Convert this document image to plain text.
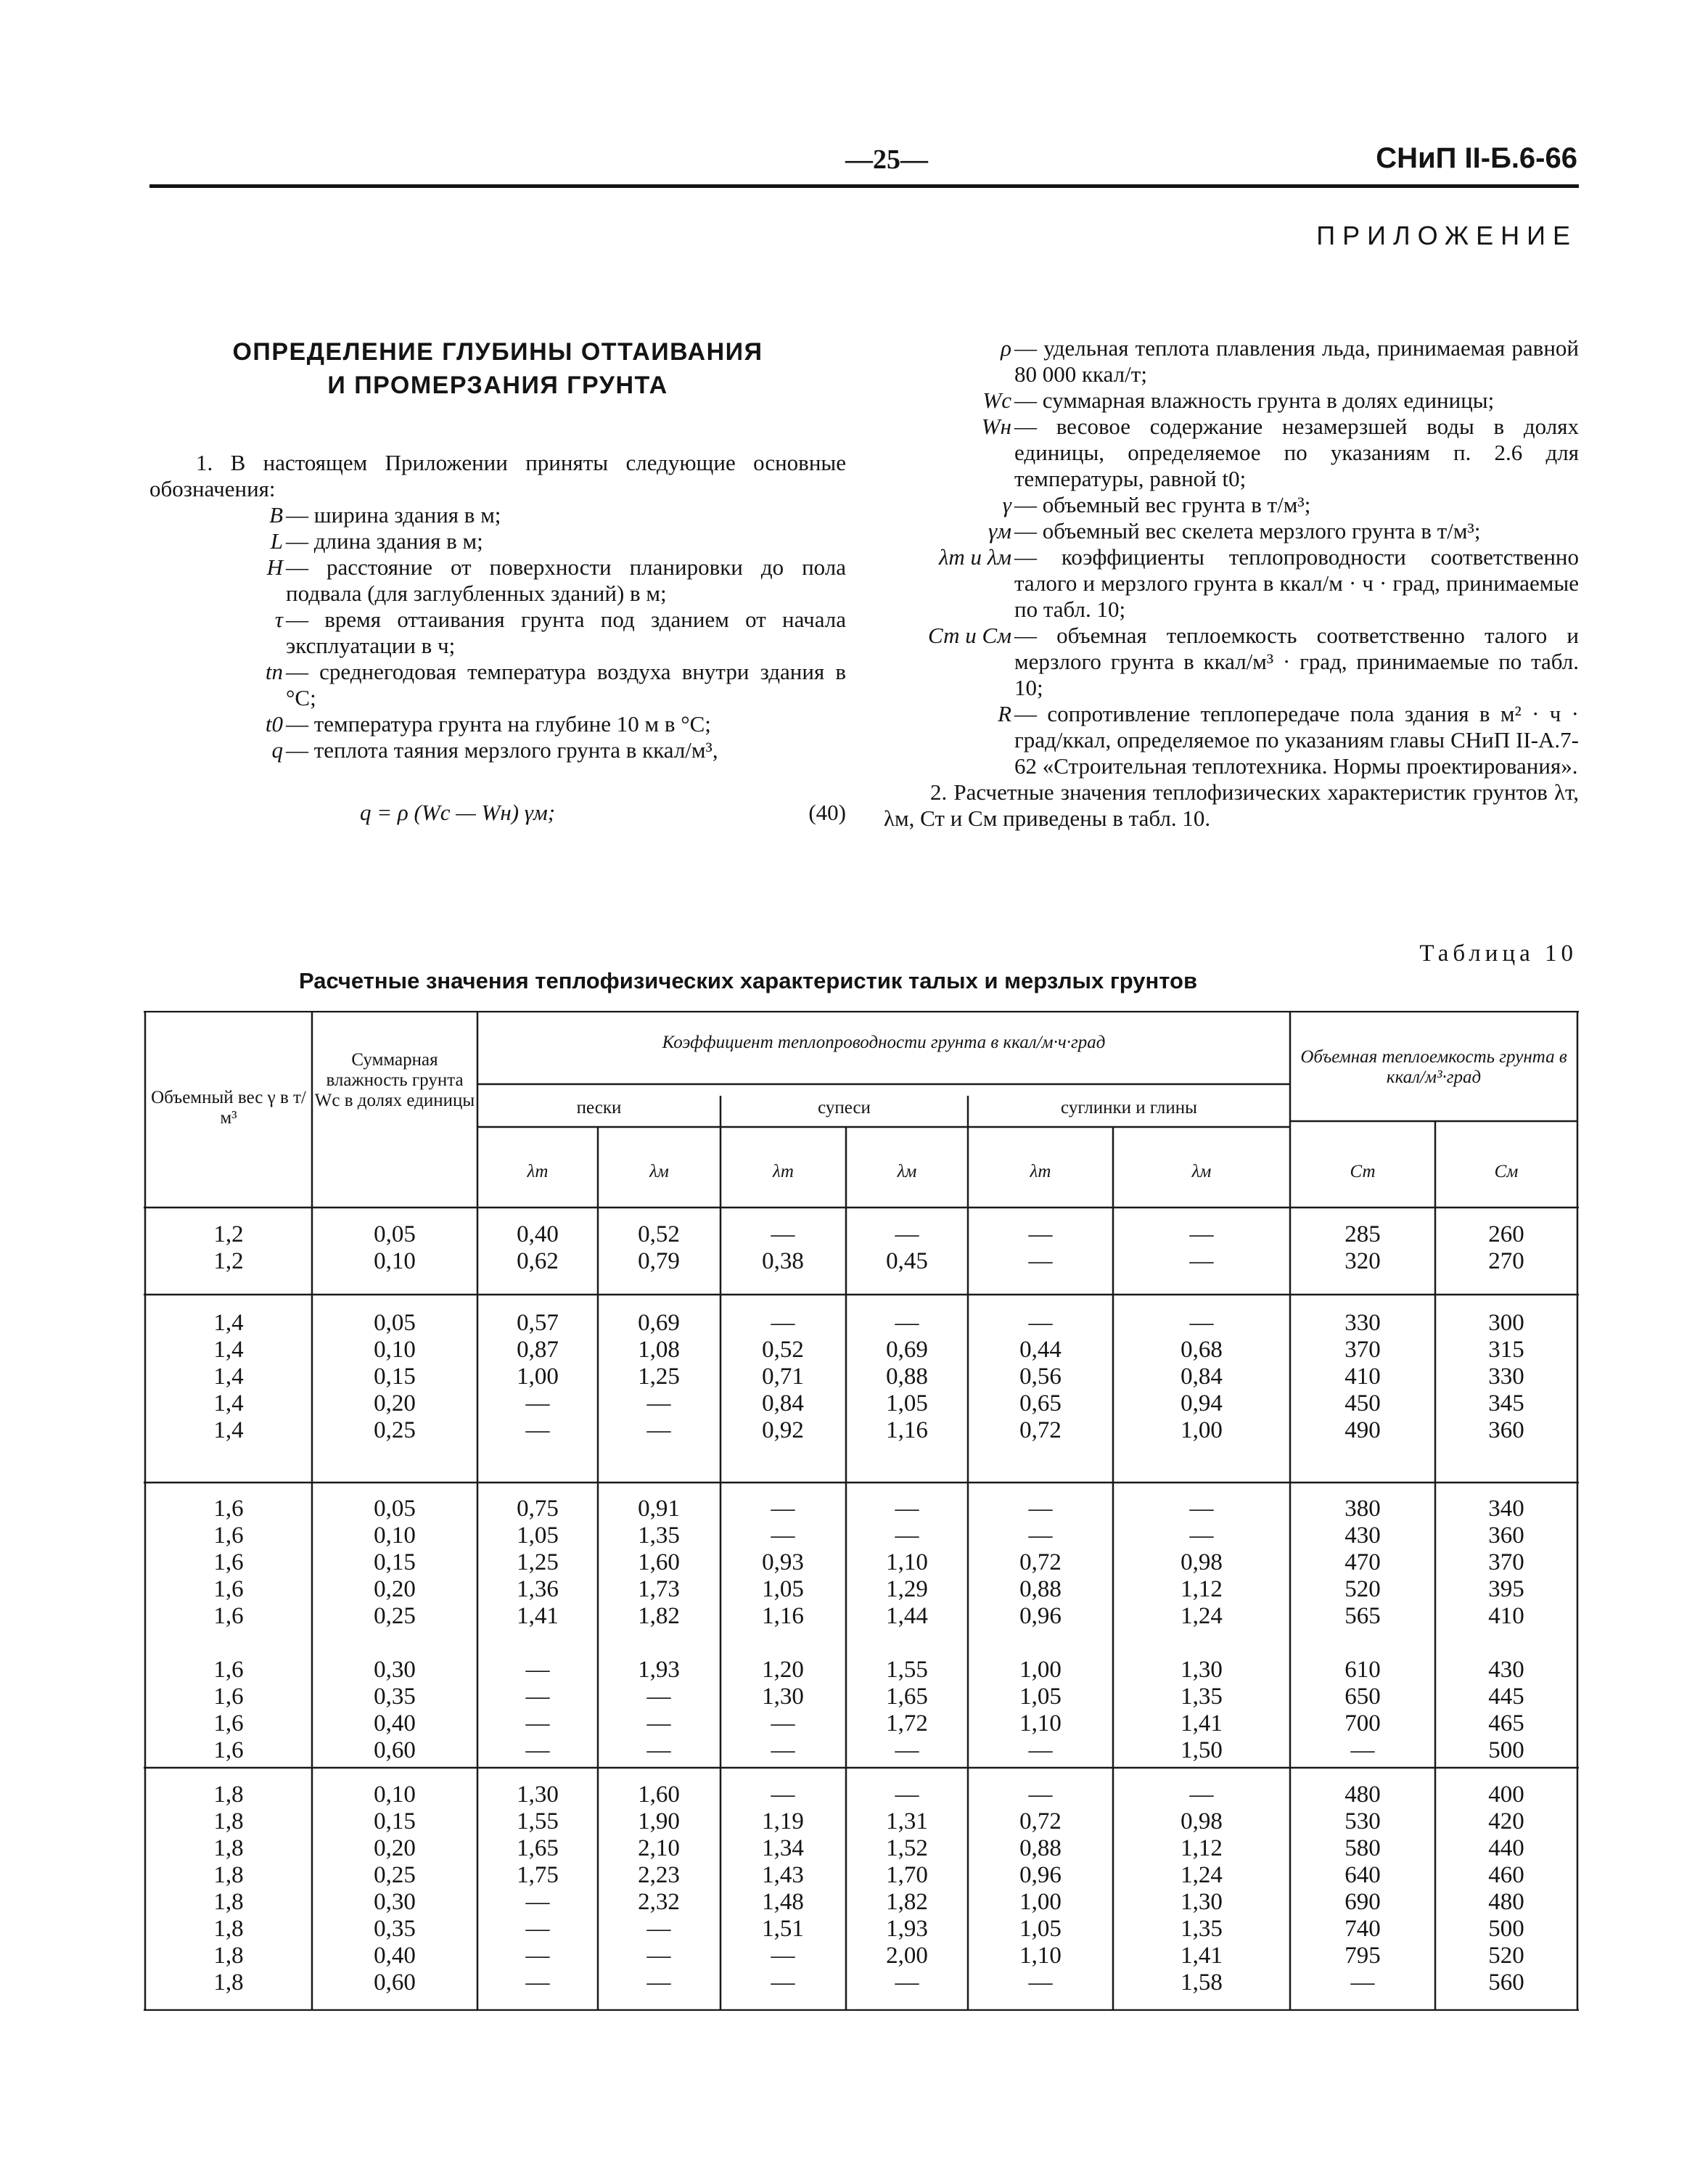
—25—	СНиП II-Б.6-66
ПРИЛОЖЕНИЕ
ОПРЕДЕЛЕНИЕ ГЛУБИНЫ ОТТАИВАНИЯ
И ПРОМЕРЗАНИЯ ГРУНТА

1. В настоящем Приложении приняты следующие основные обозначения:

B — ширина здания в м;
L — длина здания в м;
H — расстояние от поверхности планировки до пола подвала (для заглубленных зданий) в м;
τ — время оттаивания грунта под зданием от начала эксплуатации в ч;
tп — среднегодовая температура воздуха внутри здания в °С;
t0 — температура грунта на глубине 10 м в °С;
q — теплота таяния мерзлого грунта в ккал/м³,
q = ρ (Wс — Wн) γм;	(40)
ρ — удельная теплота плавления льда, принимаемая равной 80 000 ккал/т;
Wс — суммарная влажность грунта в долях единицы;
Wн — весовое содержание незамерзшей воды в долях единицы, определяемое по указаниям п. 2.6 для температуры, равной t0;
γ — объемный вес грунта в т/м³;
γм — объемный вес скелета мерзлого грунта в т/м³;
λт и λм — коэффициенты теплопроводности соответственно талого и мерзлого грунта в ккал/м · ч · град, принимаемые по табл. 10;
Ст и См — объемная теплоемкость соответственно талого и мерзлого грунта в ккал/м³ · град, принимаемые по табл. 10;
R — сопротивление теплопередаче пола здания в м² · ч · град/ккал, определяемое по указаниям главы СНиП II-А.7-62 «Строительная теплотехника. Нормы проектирования».

2. Расчетные значения теплофизических характеристик грунтов λт, λм, Ст и См приведены в табл. 10.

Таблица 10
Расчетные значения теплофизических характеристик талых и мерзлых грунтов
Объемный вес γ в т/м³
Суммарная влажность грунта Wс в долях единицы
Коэффициент теплопроводности грунта в ккал/м·ч·град
Объемная теплоемкость грунта в ккал/м³·град
пески	супеси	суглинки и глины
λт	λм	λт	λм	λт	λм	Ст	См
1,2	0,05	0,40	0,52	—	—	—	—	285	260
1,2	0,10	0,62	0,79	0,38	0,45	—	—	320	270
1,4	0,05	0,57	0,69	—	—	—	—	330	300
1,4	0,10	0,87	1,08	0,52	0,69	0,44	0,68	370	315
1,4	0,15	1,00	1,25	0,71	0,88	0,56	0,84	410	330
1,4	0,20	—	—	0,84	1,05	0,65	0,94	450	345
1,4	0,25	—	—	0,92	1,16	0,72	1,00	490	360
1,6	0,05	0,75	0,91	—	—	—	—	380	340
1,6	0,10	1,05	1,35	—	—	—	—	430	360
1,6	0,15	1,25	1,60	0,93	1,10	0,72	0,98	470	370
1,6	0,20	1,36	1,73	1,05	1,29	0,88	1,12	520	395
1,6	0,25	1,41	1,82	1,16	1,44	0,96	1,24	565	410
1,6	0,30	—	1,93	1,20	1,55	1,00	1,30	610	430
1,6	0,35	—	—	1,30	1,65	1,05	1,35	650	445
1,6	0,40	—	—	—	1,72	1,10	1,41	700	465
1,6	0,60	—	—	—	—	—	1,50	—	500
1,8	0,10	1,30	1,60	—	—	—	—	480	400
1,8	0,15	1,55	1,90	1,19	1,31	0,72	0,98	530	420
1,8	0,20	1,65	2,10	1,34	1,52	0,88	1,12	580	440
1,8	0,25	1,75	2,23	1,43	1,70	0,96	1,24	640	460
1,8	0,30	—	2,32	1,48	1,82	1,00	1,30	690	480
1,8	0,35	—	—	1,51	1,93	1,05	1,35	740	500
1,8	0,40	—	—	—	2,00	1,10	1,41	795	520
1,8	0,60	—	—	—	—	—	1,58	—	560
